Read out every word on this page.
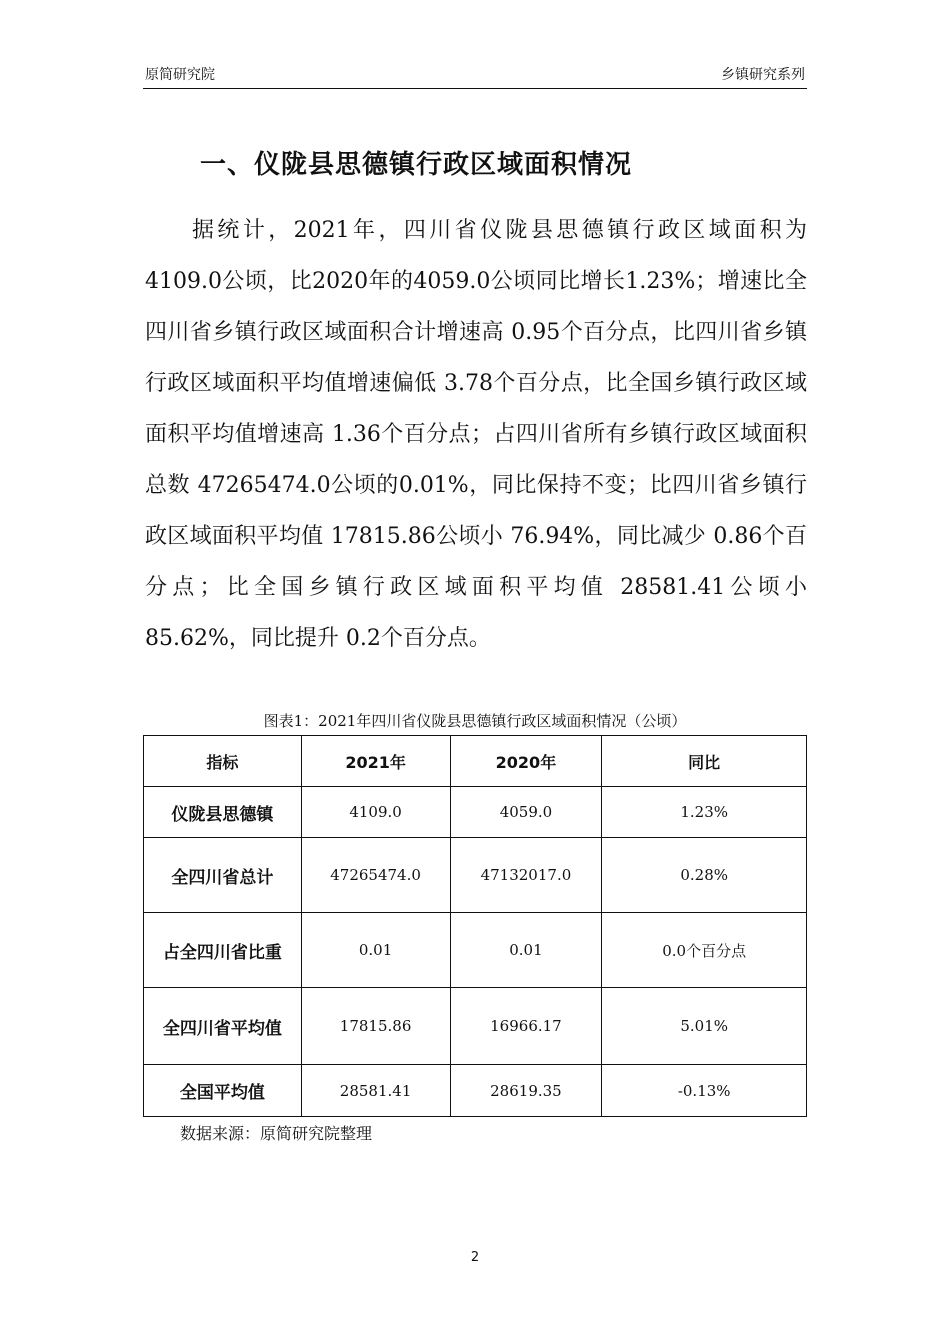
原简研究院	乡镇研究系列
一、仪陇县思德镇行政区域面积情况

据统计，2021年，四川省仪陇县思德镇行政区域面积为4109.0公顷，比2020年的4059.0公顷同比增长1.23%；增速比全四川省乡镇行政区域面积合计增速高 0.95个百分点，比四川省乡镇行政区域面积平均值增速偏低 3.78个百分点，比全国乡镇行政区域面积平均值增速高 1.36个百分点；占四川省所有乡镇行政区域面积总数 47265474.0公顷的0.01%，同比保持不变；比四川省乡镇行政区域面积平均值 17815.86公顷小 76.94%，同比减少 0.86个百分点；比全国乡镇行政区域面积平均值 28581.41公顷小 85.62%，同比提升 0.2个百分点。

图表1：2021年四川省仪陇县思德镇行政区域面积情况（公顷）
指标	2021年	2020年	同比
仪陇县思德镇	4109.0	4059.0	1.23%
全四川省总计	47265474.0	47132017.0	0.28%
占全四川省比重	0.01	0.01	0.0个百分点
全四川省平均值	17815.86	16966.17	5.01%
全国平均值	28581.41	28619.35	-0.13%
数据来源：原简研究院整理
2
